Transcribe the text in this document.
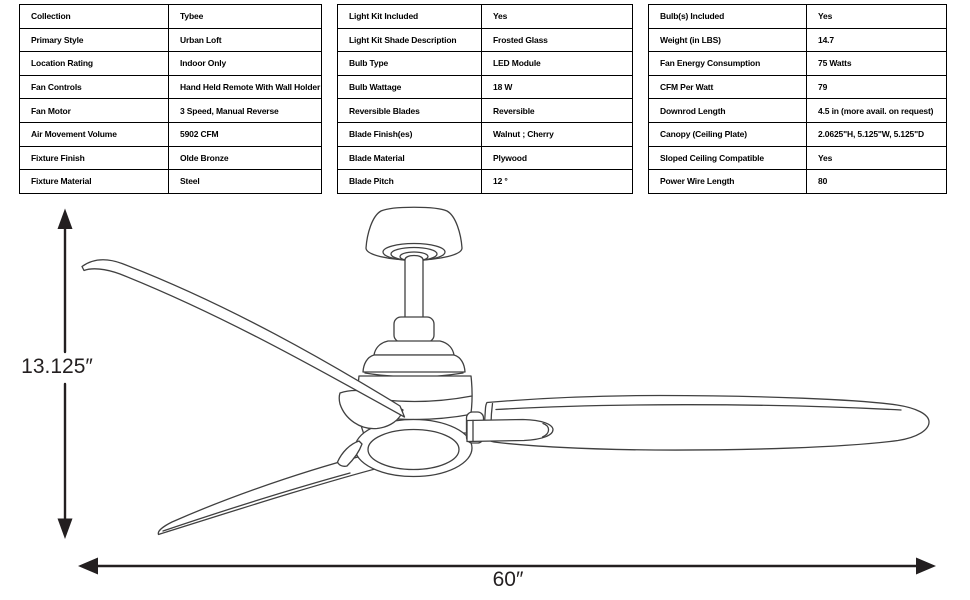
Collection	Tybee
Primary Style	Urban Loft
Location Rating	Indoor Only
Fan Controls	Hand Held Remote With Wall Holder
Fan Motor	3 Speed, Manual Reverse
Air Movement Volume	5902 CFM
Fixture Finish	Olde Bronze
Fixture Material	Steel
Light Kit Included	Yes
Light Kit Shade Description	Frosted Glass
Bulb Type	LED Module
Bulb Wattage	18 W
Reversible Blades	Reversible
Blade Finish(es)	Walnut ; Cherry
Blade Material	Plywood
Blade Pitch	12 °
Bulb(s) Included	Yes
Weight (in LBS)	14.7
Fan Energy Consumption	75 Watts
CFM Per Watt	79
Downrod Length	4.5 in (more avail. on request)
Canopy (Ceiling Plate)	2.0625"H, 5.125"W, 5.125"D
Sloped Ceiling Compatible	Yes
Power Wire Length	80
13.125″
60″
